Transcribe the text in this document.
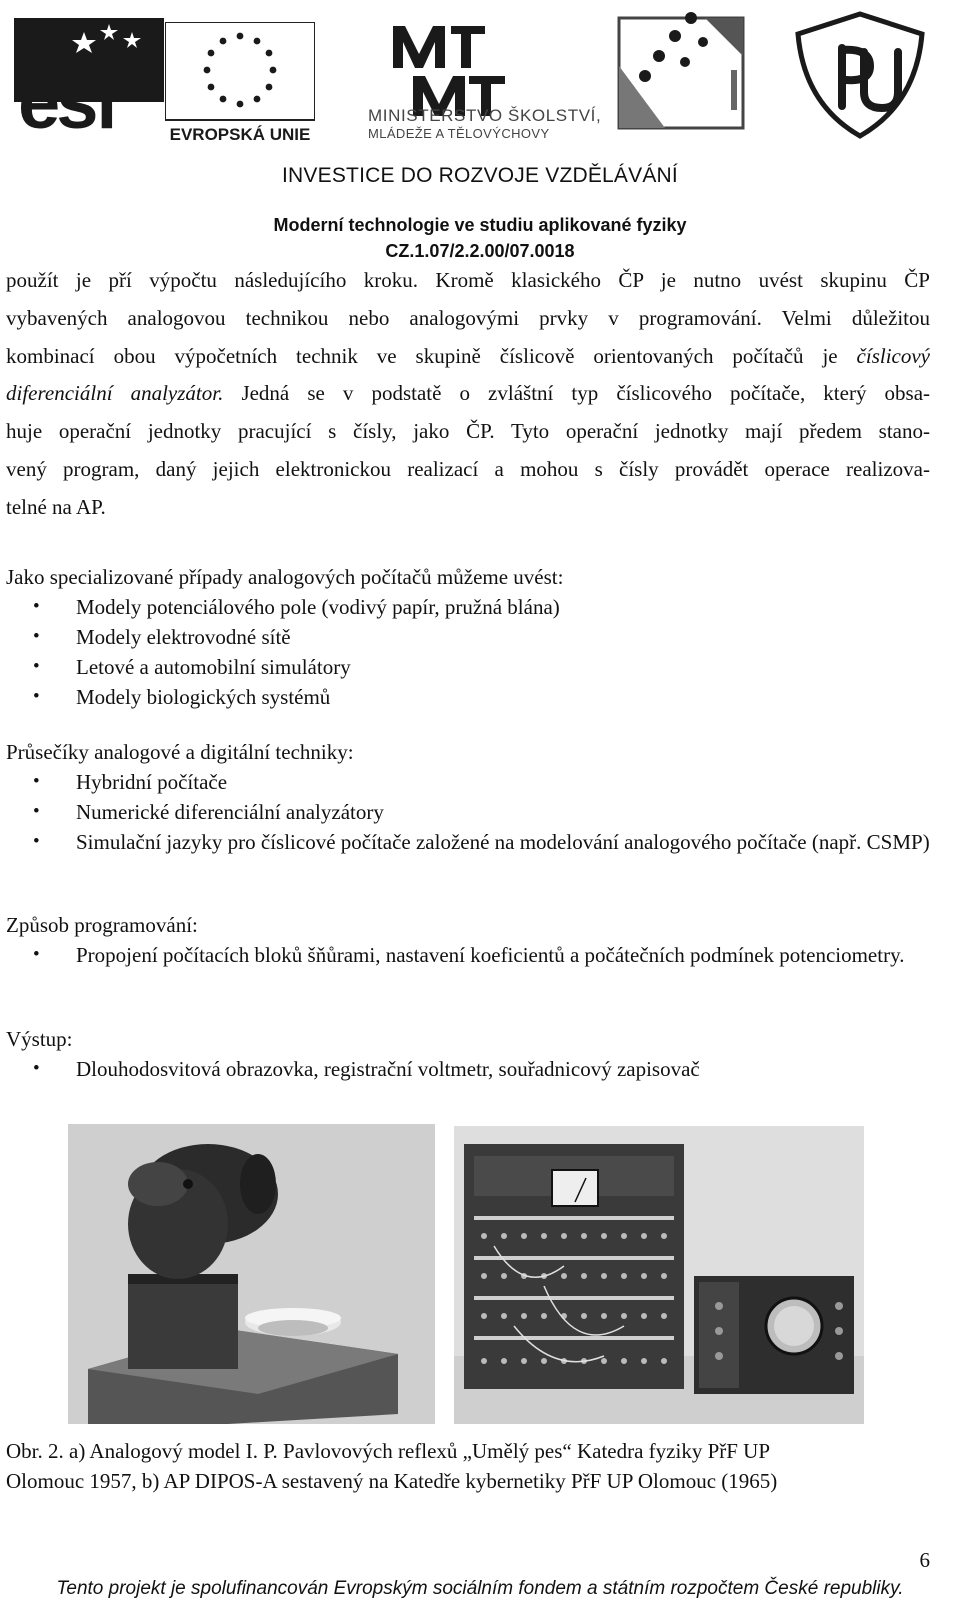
esf	EVROPSKÁ UNIE
MINISTERSTVO ŠKOLSTVÍ,
MLÁDEŽE A TĚLOVÝCHOVY
INVESTICE DO ROZVOJE VZDĚLÁVÁNÍ
Moderní technologie ve studiu aplikované fyziky
CZ.1.07/2.2.00/07.0018
použít je pří výpočtu následujícího kroku. Kromě klasického ČP je nutno uvést skupinu ČP
vybavených analogovou technikou nebo analogovými prvky v programování. Velmi důležitou
kombinací obou výpočetních technik ve skupině číslicově orientovaných počítačů je číslicový
diferenciální analyzátor. Jedná se v podstatě o zvláštní typ číslicového počítače, který obsa-
huje operační jednotky pracující s čísly, jako ČP. Tyto operační jednotky mají předem stano-
vený program, daný jejich elektronickou realizací a mohou s čísly provádět operace realizova-
telné na AP.
Jako specializované případy analogových počítačů můžeme uvést:
• Modely potenciálového pole (vodivý papír, pružná blána)
• Modely elektrovodné sítě
• Letové a automobilní simulátory
• Modely biologických systémů
Průsečíky analogové a digitální techniky:
• Hybridní počítače
• Numerické diferenciální analyzátory
• Simulační jazyky pro číslicové počítače založené na modelování analogového počítače (např. CSMP)
Způsob programování:
• Propojení počítacích bloků šňůrami, nastavení koeficientů a počátečních podmínek potenciometry.
Výstup:
• Dlouhodosvitová obrazovka, registrační voltmetr, souřadnicový zapisovač
Obr. 2. a) Analogový model I. P. Pavlovových reflexů „Umělý pes“ Katedra fyziky PřF UP
Olomouc 1957, b) AP DIPOS-A sestavený na Katedře kybernetiky PřF UP Olomouc (1965)
6
Tento projekt je spolufinancován Evropským sociálním fondem a státním rozpočtem České republiky.
